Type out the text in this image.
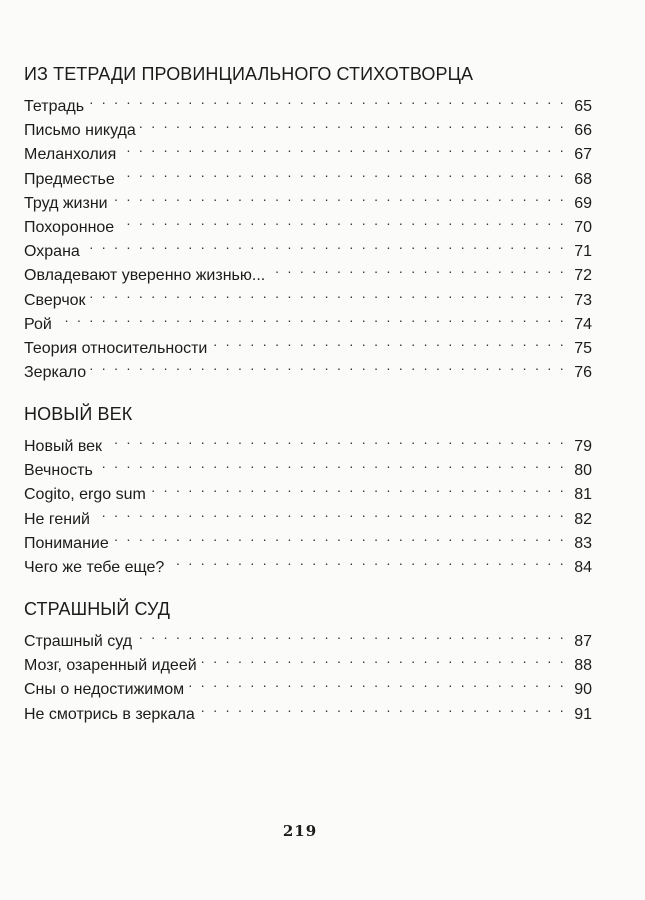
ИЗ ТЕТРАДИ ПРОВИНЦИАЛЬНОГО СТИХОТВОРЦА
Тетрадь . . .	65
Письмо никуда . . .	66
Меланхолия . . .	67
Предместье . . .	68
Труд жизни . . .	69
Похоронное . . .	70
Охрана . . .	71
Овладевают уверенно жизнью... . . .	72
Сверчок . . .	73
Рой . . .	74
Теория относительности . . .	75
Зеркало . . .	76
НОВЫЙ ВЕК
Новый век . . .	79
Вечность . . .	80
Cogito, ergo sum . . .	81
Не гений . . .	82
Понимание . . .	83
Чего же тебе еще? . . .	84
СТРАШНЫЙ СУД
Страшный суд . . .	87
Мозг, озаренный идеей . . .	88
Сны о недостижимом . . .	90
Не смотрись в зеркала . . .	91
219
